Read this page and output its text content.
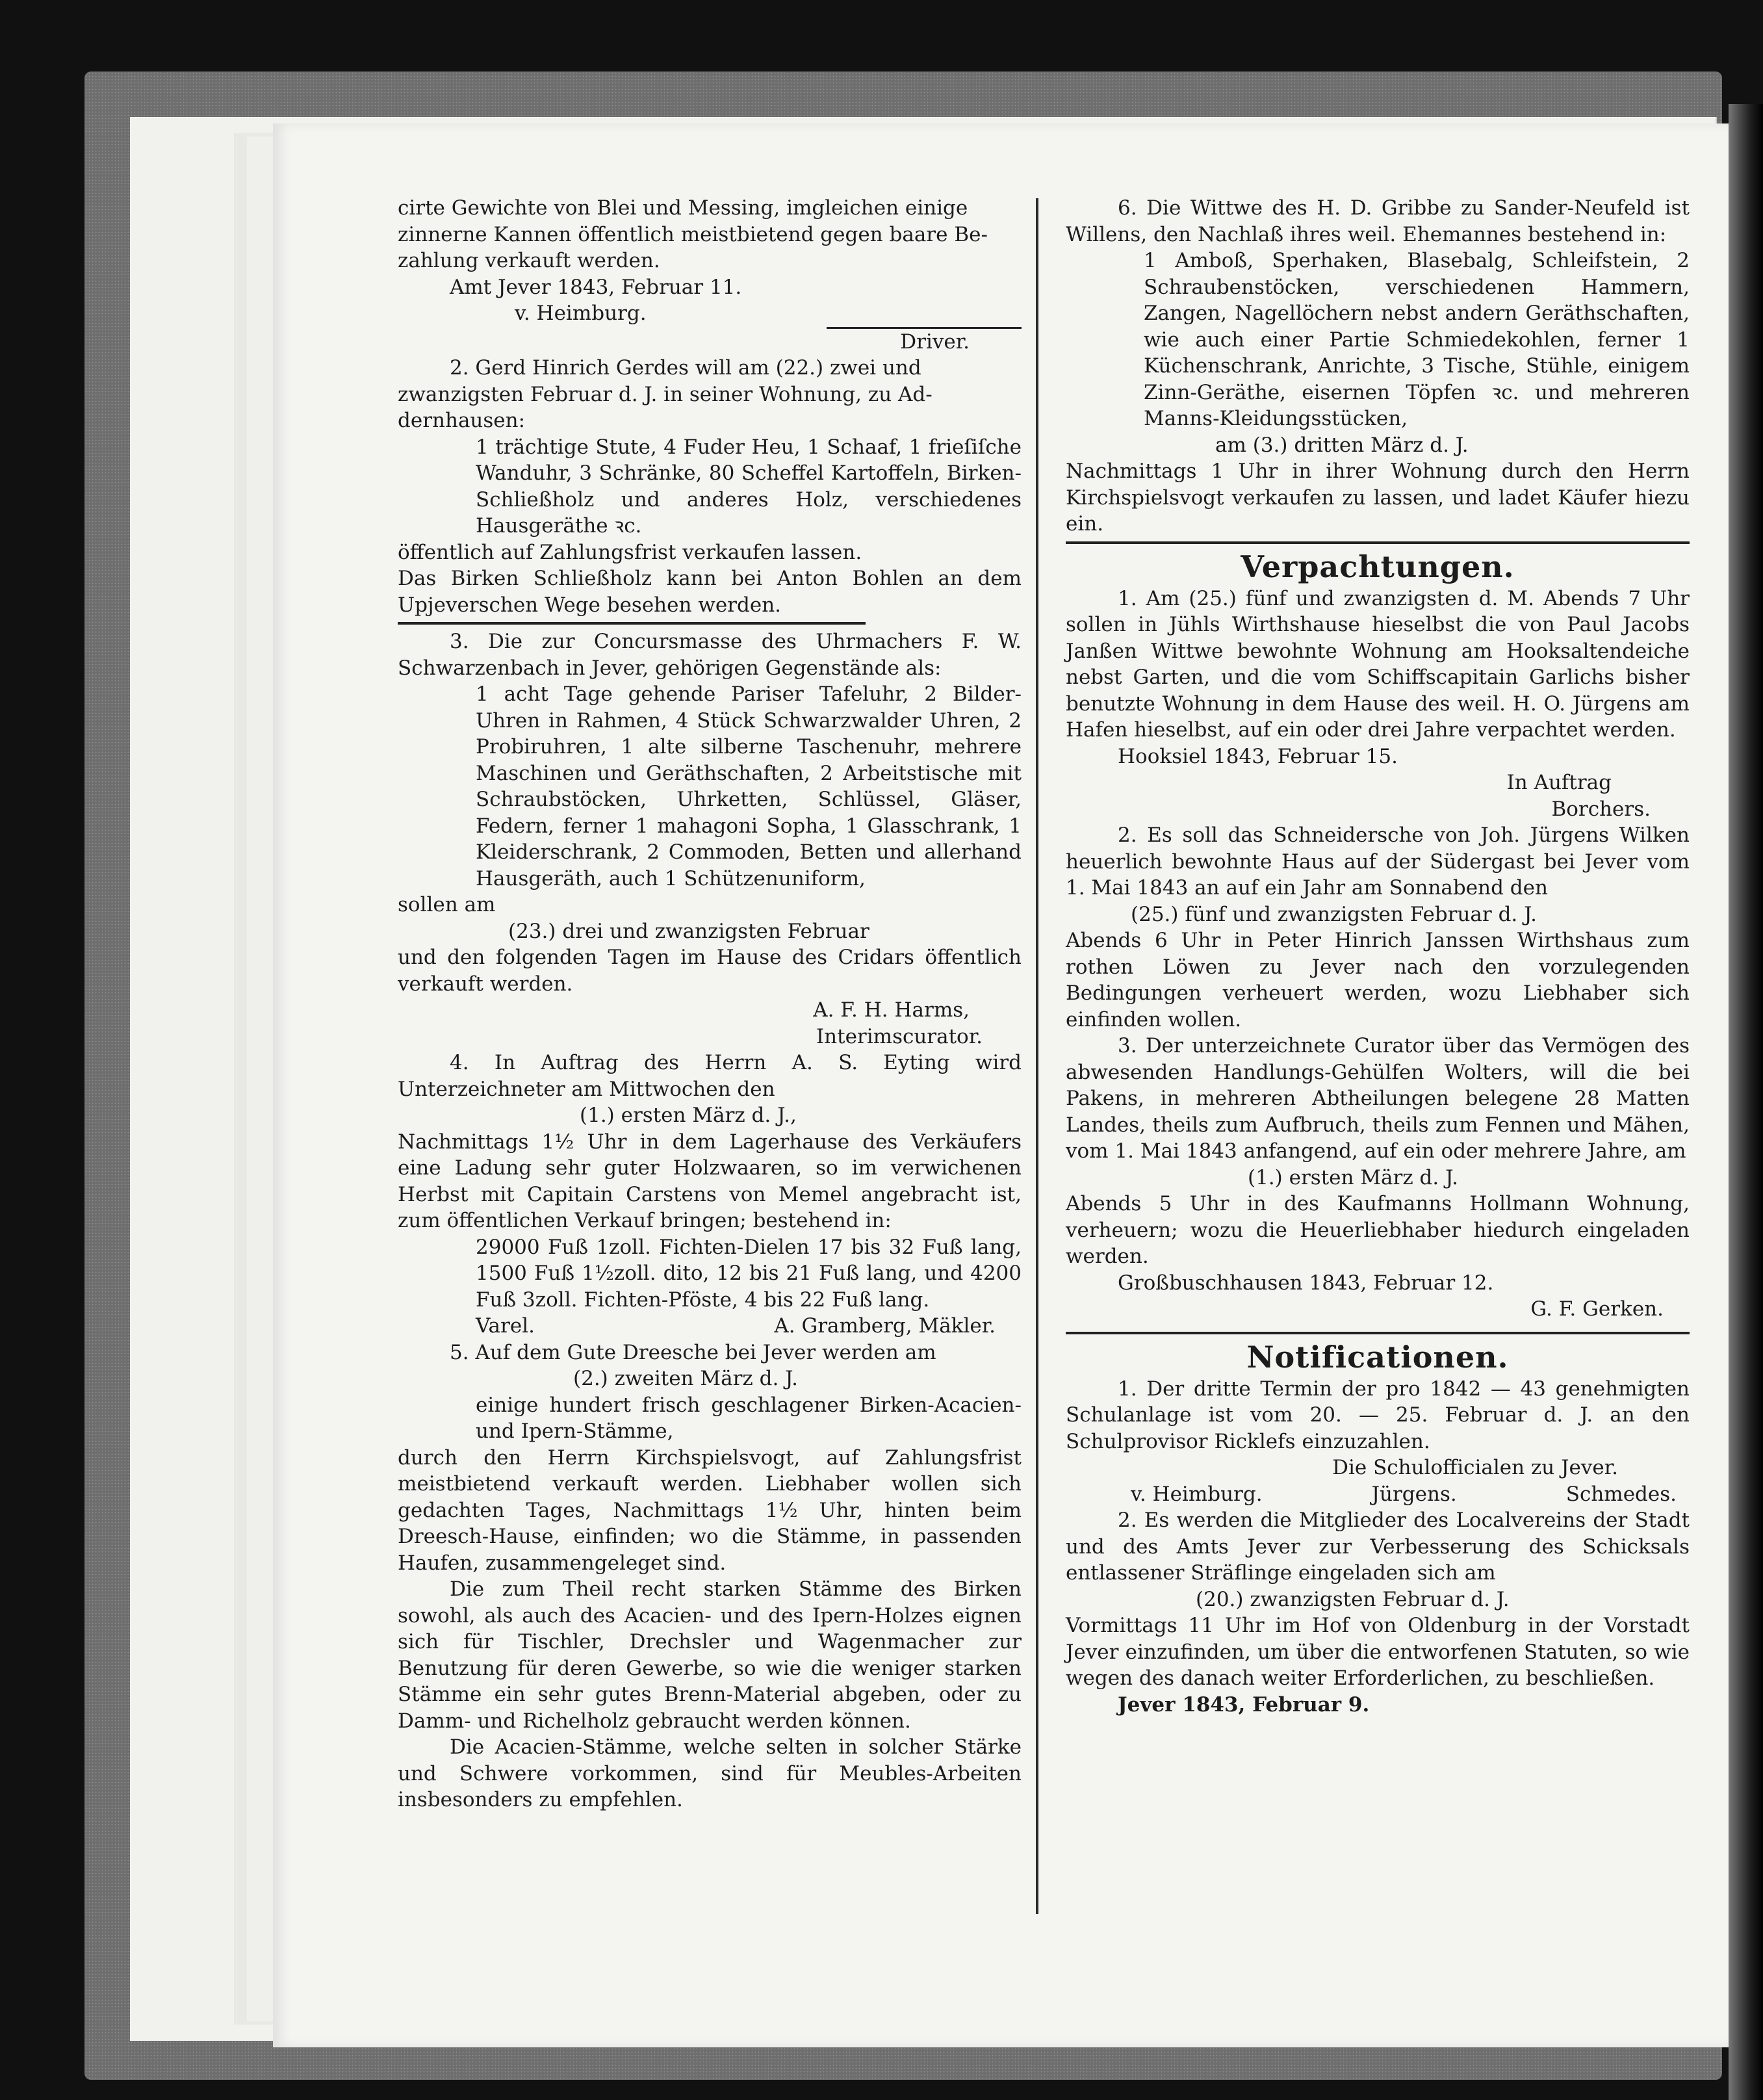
cirte Gewichte von Blei und Messing, imgleichen einige

zinnerne Kannen öffentlich meistbietend gegen baare Be-

zahlung verkauft werden.

Amt Jever 1843, Februar 11.

v. Heimburg.

Driver.

2. Gerd Hinrich Gerdes will am (22.) zwei und

zwanzigsten Februar d. J. in seiner Wohnung, zu Ad-

dernhausen:

1 trächtige Stute, 4 Fuder Heu, 1 Schaaf, 1 frieſiſche Wanduhr, 3 Schränke, 80 Scheffel Kartoffeln, Birken-Schließholz und anderes Holz, verschiedenes Hausgeräthe ꝛc.

öffentlich auf Zahlungsfrist verkaufen lassen.

Das Birken Schließholz kann bei Anton Bohlen an dem Upjeverschen Wege besehen werden.

3. Die zur Concursmasse des Uhrmachers F. W. Schwarzenbach in Jever, gehörigen Gegenstände als:

1 acht Tage gehende Pariser Tafeluhr, 2 Bilder-Uhren in Rahmen, 4 Stück Schwarzwalder Uhren, 2 Probiruhren, 1 alte silberne Taschenuhr, mehrere Maschinen und Geräthschaften, 2 Arbeitstische mit Schraubstöcken, Uhrketten, Schlüssel, Gläser, Federn, ferner 1 mahagoni Sopha, 1 Glasschrank, 1 Kleiderschrank, 2 Commoden, Betten und allerhand Hausgeräth, auch 1 Schützenuniform,

sollen am

(23.) drei und zwanzigsten Februar

und den folgenden Tagen im Hause des Cridars öffentlich verkauft werden.

A. F. H. Harms,

Interimscurator.

4. In Auftrag des Herrn A. S. Eyting wird Unterzeichneter am Mittwochen den

(1.) ersten März d. J.,

Nachmittags 1½ Uhr in dem Lagerhause des Verkäufers eine Ladung sehr guter Holzwaaren, so im verwichenen Herbst mit Capitain Carstens von Memel angebracht ist, zum öffentlichen Verkauf bringen; bestehend in:

29000 Fuß 1zoll. Fichten-Dielen 17 bis 32 Fuß lang, 1500 Fuß 1½zoll. dito, 12 bis 21 Fuß lang, und 4200 Fuß 3zoll. Fichten-Pföste, 4 bis 22 Fuß lang.

Varel.	A. Gramberg, Mäkler.

5. Auf dem Gute Dreesche bei Jever werden am

(2.) zweiten März d. J.

einige hundert frisch geschlagener Birken-Acacien- und Ipern-Stämme,

durch den Herrn Kirchspielsvogt, auf Zahlungsfrist meistbietend verkauft werden. Liebhaber wollen sich gedachten Tages, Nachmittags 1½ Uhr, hinten beim Dreesch-Hause, einfinden; wo die Stämme, in passenden Haufen, zusammengeleget sind.

Die zum Theil recht starken Stämme des Birken sowohl, als auch des Acacien- und des Ipern-Holzes eignen sich für Tischler, Drechsler und Wagenmacher zur Benutzung für deren Gewerbe, so wie die weniger starken Stämme ein sehr gutes Brenn-Material abgeben, oder zu Damm- und Richelholz gebraucht werden können.

Die Acacien-Stämme, welche selten in solcher Stärke und Schwere vorkommen, sind für Meubles-Arbeiten insbesonders zu empfehlen.

6. Die Wittwe des H. D. Gribbe zu Sander-Neufeld ist Willens, den Nachlaß ihres weil. Ehemannes bestehend in:

1 Amboß, Sperhaken, Blasebalg, Schleifstein, 2 Schraubenstöcken, verschiedenen Hammern, Zangen, Nagellöchern nebst andern Geräthschaften, wie auch einer Partie Schmiedekohlen, ferner 1 Küchenschrank, Anrichte, 3 Tische, Stühle, einigem Zinn-Geräthe, eisernen Töpfen ꝛc. und mehreren Manns-Kleidungsstücken,

am (3.) dritten März d. J.

Nachmittags 1 Uhr in ihrer Wohnung durch den Herrn Kirchspielsvogt verkaufen zu lassen, und ladet Käufer hiezu ein.

Verpachtungen.

1. Am (25.) fünf und zwanzigsten d. M. Abends 7 Uhr sollen in Jühls Wirthshause hieselbst die von Paul Jacobs Janßen Wittwe bewohnte Wohnung am Hooksaltendeiche nebst Garten, und die vom Schiffscapitain Garlichs bisher benutzte Wohnung in dem Hause des weil. H. O. Jürgens am Hafen hieselbst, auf ein oder drei Jahre verpachtet werden.

Hooksiel 1843, Februar 15.

In Auftrag

Borchers.

2. Es soll das Schneidersche von Joh. Jürgens Wilken heuerlich bewohnte Haus auf der Südergast bei Jever vom 1. Mai 1843 an auf ein Jahr am Sonnabend den

(25.) fünf und zwanzigsten Februar d. J.

Abends 6 Uhr in Peter Hinrich Janssen Wirthshaus zum rothen Löwen zu Jever nach den vorzulegenden Bedingungen verheuert werden, wozu Liebhaber sich einfinden wollen.

3. Der unterzeichnete Curator über das Vermögen des abwesenden Handlungs-Gehülfen Wolters, will die bei Pakens, in mehreren Abtheilungen belegene 28 Matten Landes, theils zum Aufbruch, theils zum Fennen und Mähen, vom 1. Mai 1843 anfangend, auf ein oder mehrere Jahre, am

(1.) ersten März d. J.

Abends 5 Uhr in des Kaufmanns Hollmann Wohnung, verheuern; wozu die Heuerliebhaber hiedurch eingeladen werden.

Großbuschhausen 1843, Februar 12.

G. F. Gerken.

Notificationen.

1. Der dritte Termin der pro 1842 — 43 genehmigten Schulanlage ist vom 20. — 25. Februar d. J. an den Schulprovisor Ricklefs einzuzahlen.

Die Schulofficialen zu Jever.

v. Heimburg.	Jürgens.	Schmedes.

2. Es werden die Mitglieder des Localvereins der Stadt und des Amts Jever zur Verbesserung des Schicksals entlassener Sträflinge eingeladen sich am

(20.) zwanzigsten Februar d. J.

Vormittags 11 Uhr im Hof von Oldenburg in der Vorstadt Jever einzufinden, um über die entworfenen Statuten, so wie wegen des danach weiter Erforderlichen, zu beschließen.

Jever 1843, Februar 9.
